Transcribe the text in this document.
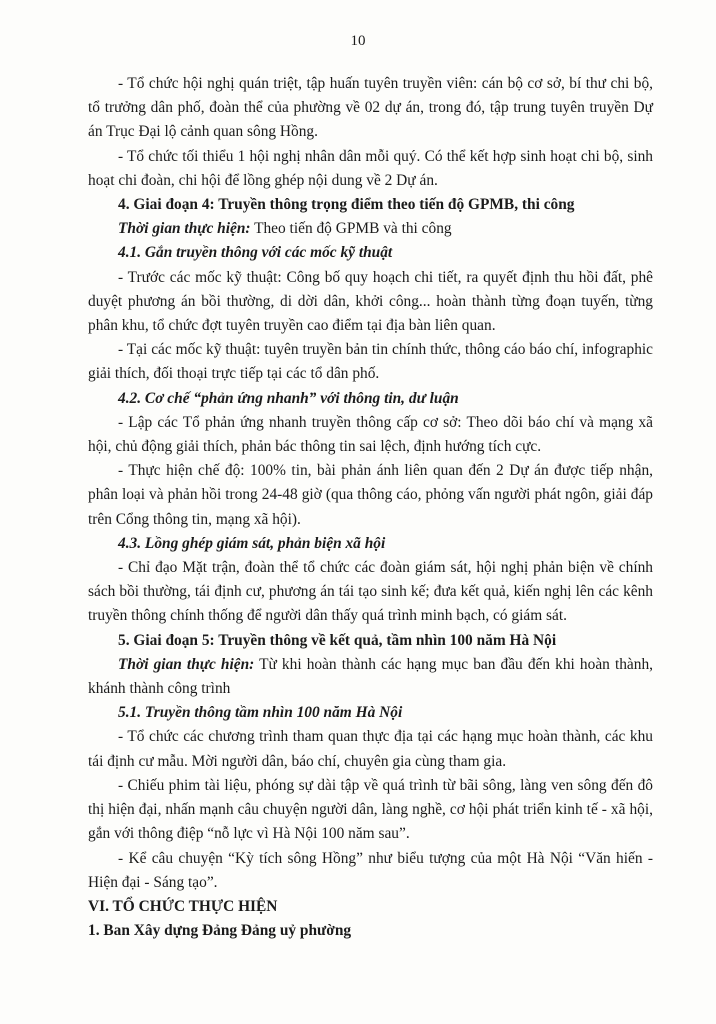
10

- Tổ chức hội nghị quán triệt, tập huấn tuyên truyền viên: cán bộ cơ sở, bí thư chi bộ, tổ trưởng dân phố, đoàn thể của phường về 02 dự án, trong đó, tập trung tuyên truyền Dự án Trục Đại lộ cảnh quan sông Hồng.

- Tổ chức tối thiểu 1 hội nghị nhân dân mỗi quý. Có thể kết hợp sinh hoạt chi bộ, sinh hoạt chi đoàn, chi hội để lồng ghép nội dung về 2 Dự án.

4. Giai đoạn 4: Truyền thông trọng điểm theo tiến độ GPMB, thi công

Thời gian thực hiện: Theo tiến độ GPMB và thi công

4.1. Gắn truyền thông với các mốc kỹ thuật

- Trước các mốc kỹ thuật: Công bố quy hoạch chi tiết, ra quyết định thu hồi đất, phê duyệt phương án bồi thường, di dời dân, khởi công... hoàn thành từng đoạn tuyến, từng phân khu, tổ chức đợt tuyên truyền cao điểm tại địa bàn liên quan.

- Tại các mốc kỹ thuật: tuyên truyền bản tin chính thức, thông cáo báo chí, infographic giải thích, đối thoại trực tiếp tại các tổ dân phố.

4.2. Cơ chế “phản ứng nhanh” với thông tin, dư luận

- Lập các Tổ phản ứng nhanh truyền thông cấp cơ sở: Theo dõi báo chí và mạng xã hội, chủ động giải thích, phản bác thông tin sai lệch, định hướng tích cực.

- Thực hiện chế độ: 100% tin, bài phản ánh liên quan đến 2 Dự án được tiếp nhận, phân loại và phản hồi trong 24-48 giờ (qua thông cáo, phỏng vấn người phát ngôn, giải đáp trên Cổng thông tin, mạng xã hội).

4.3. Lồng ghép giám sát, phản biện xã hội

- Chỉ đạo Mặt trận, đoàn thể tổ chức các đoàn giám sát, hội nghị phản biện về chính sách bồi thường, tái định cư, phương án tái tạo sinh kế; đưa kết quả, kiến nghị lên các kênh truyền thông chính thống để người dân thấy quá trình minh bạch, có giám sát.

5. Giai đoạn 5: Truyền thông về kết quả, tầm nhìn 100 năm Hà Nội

Thời gian thực hiện: Từ khi hoàn thành các hạng mục ban đầu đến khi hoàn thành, khánh thành công trình

5.1. Truyền thông tầm nhìn 100 năm Hà Nội

- Tổ chức các chương trình tham quan thực địa tại các hạng mục hoàn thành, các khu tái định cư mẫu. Mời người dân, báo chí, chuyên gia cùng tham gia.

- Chiếu phim tài liệu, phóng sự dài tập về quá trình từ bãi sông, làng ven sông đến đô thị hiện đại, nhấn mạnh câu chuyện người dân, làng nghề, cơ hội phát triển kinh tế - xã hội, gắn với thông điệp “nỗ lực vì Hà Nội 100 năm sau”.

- Kể câu chuyện “Kỳ tích sông Hồng” như biểu tượng của một Hà Nội “Văn hiến - Hiện đại - Sáng tạo”.

VI. TỔ CHỨC THỰC HIỆN

1. Ban Xây dựng Đảng Đảng uỷ phường
